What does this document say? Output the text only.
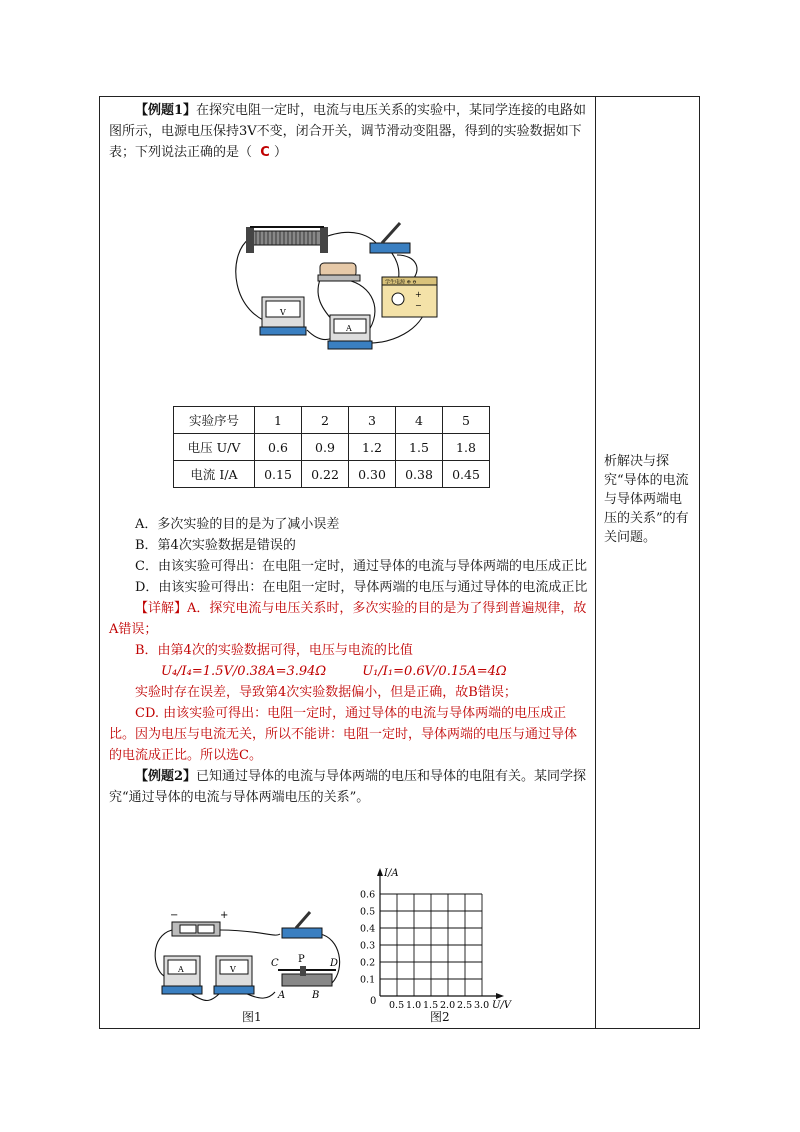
【例题1】在探究电阻一定时，电流与电压关系的实验中，某同学连接的电路如图所示，电源电压保持3V不变，闭合开关，调节滑动变阻器，得到的实验数据如下表；下列说法正确的是（ C ）

学生电源 ⊕ ⊖
+
−
V
A
实验序号	1	2	3	4	5
电压 U/V	0.6	0.9	1.2	1.5	1.8
电流 I/A	0.15	0.22	0.30	0.38	0.45

A．多次实验的目的是为了减小误差

B．第4次实验数据是错误的

C．由该实验可得出：在电阻一定时，通过导体的电流与导体两端的电压成正比

D．由该实验可得出：在电阻一定时，导体两端的电压与通过导体的电流成正比

【详解】A．探究电流与电压关系时，多次实验的目的是为了得到普遍规律，故A错误；

B．由第4次的实验数据可得，电压与电流的比值

U₄/I₄=1.5V/0.38A=3.94Ω	U₁/I₁=0.6V/0.15A=4Ω

实验时存在误差，导致第4次实验数据偏小，但是正确，故B错误；

CD. 由该实验可得出：电阻一定时，通过导体的电流与导体两端的电压成正比。因为电压与电流无关，所以不能讲：电阻一定时，导体两端的电压与通过导体的电流成正比。所以选C。

【例题2】已知通过导体的电流与导体两端的电压和导体的电阻有关。某同学探究“通过导体的电流与导体两端电压的关系”。

−	+
A	V
C P	D
A	B
图1
I/A
U/V
0
0.1
0.2
0.3
0.4
0.5
0.6
0.5 1.0 1.5 2.0 2.5 3.0
图2
析解决与探究“导体的电流与导体两端电压的关系”的有关问题。
